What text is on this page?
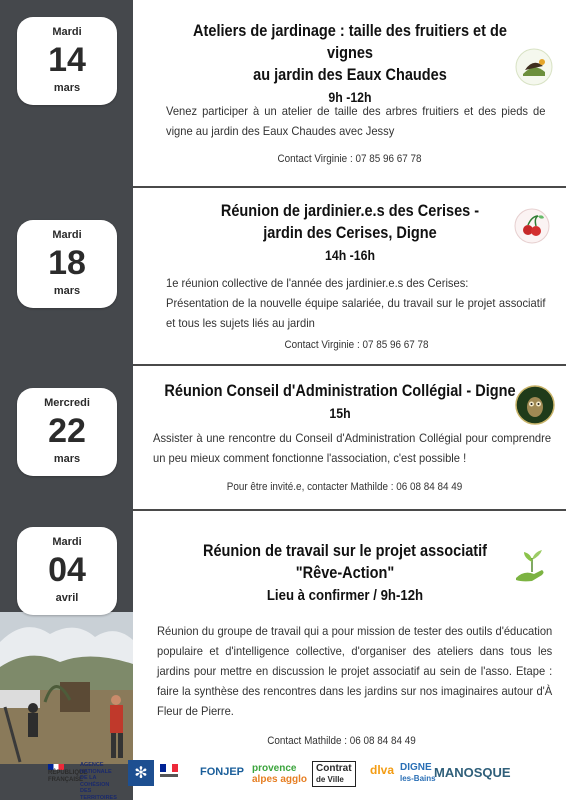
Mardi
14
mars
Ateliers de jardinage : taille des fruitiers et de vignes
au jardin des Eaux Chaudes
9h -12h
Venez participer à un atelier de taille des arbres fruitiers et des pieds de vigne au jardin des Eaux Chaudes avec Jessy
Contact Virginie : 07 85 96 67 78
Mardi
18
mars
Réunion de jardinier.e.s des Cerises -
jardin des Cerises, Digne
14h -16h
1e réunion collective de l'année des jardinier.e.s des Cerises:
Présentation de la nouvelle équipe salariée, du travail sur le projet associatif et tous les sujets liés au jardin
Contact Virginie : 07 85 96 67 78
Mercredi
22
mars
Réunion Conseil d'Administration Collégial - Digne
15h
Assister à une rencontre du Conseil d'Administration Collégial pour comprendre un peu mieux comment fonctionne l'association, c'est possible !
Pour être invité.e, contacter Mathilde : 06 08 84 84 49
Mardi
04
avril
Réunion de travail sur le projet associatif
"Rêve-Action"
Lieu à confirmer / 9h-12h
Réunion du groupe de travail qui a pour mission de tester des outils d'éducation populaire et d'intelligence collective, d'organiser des ateliers dans tous les jardins pour mettre en discussion le projet associatif au sein de l'asso. Etape : faire la synthèse des rencontres dans les jardins sur nos imaginaires autour d'À Fleur de Pierre.
Contact Mathilde : 06 08 84 84 49
RÉPUBLIQUE
FRANÇAISE
AGENCE
NATIONALE
DE LA COHÉSION
DES TERRITOIRES
✻	FONJEP provence
alpes agglo
Contrat
de Ville
dlva DIGNE
les-Bains
MANOSQUE
